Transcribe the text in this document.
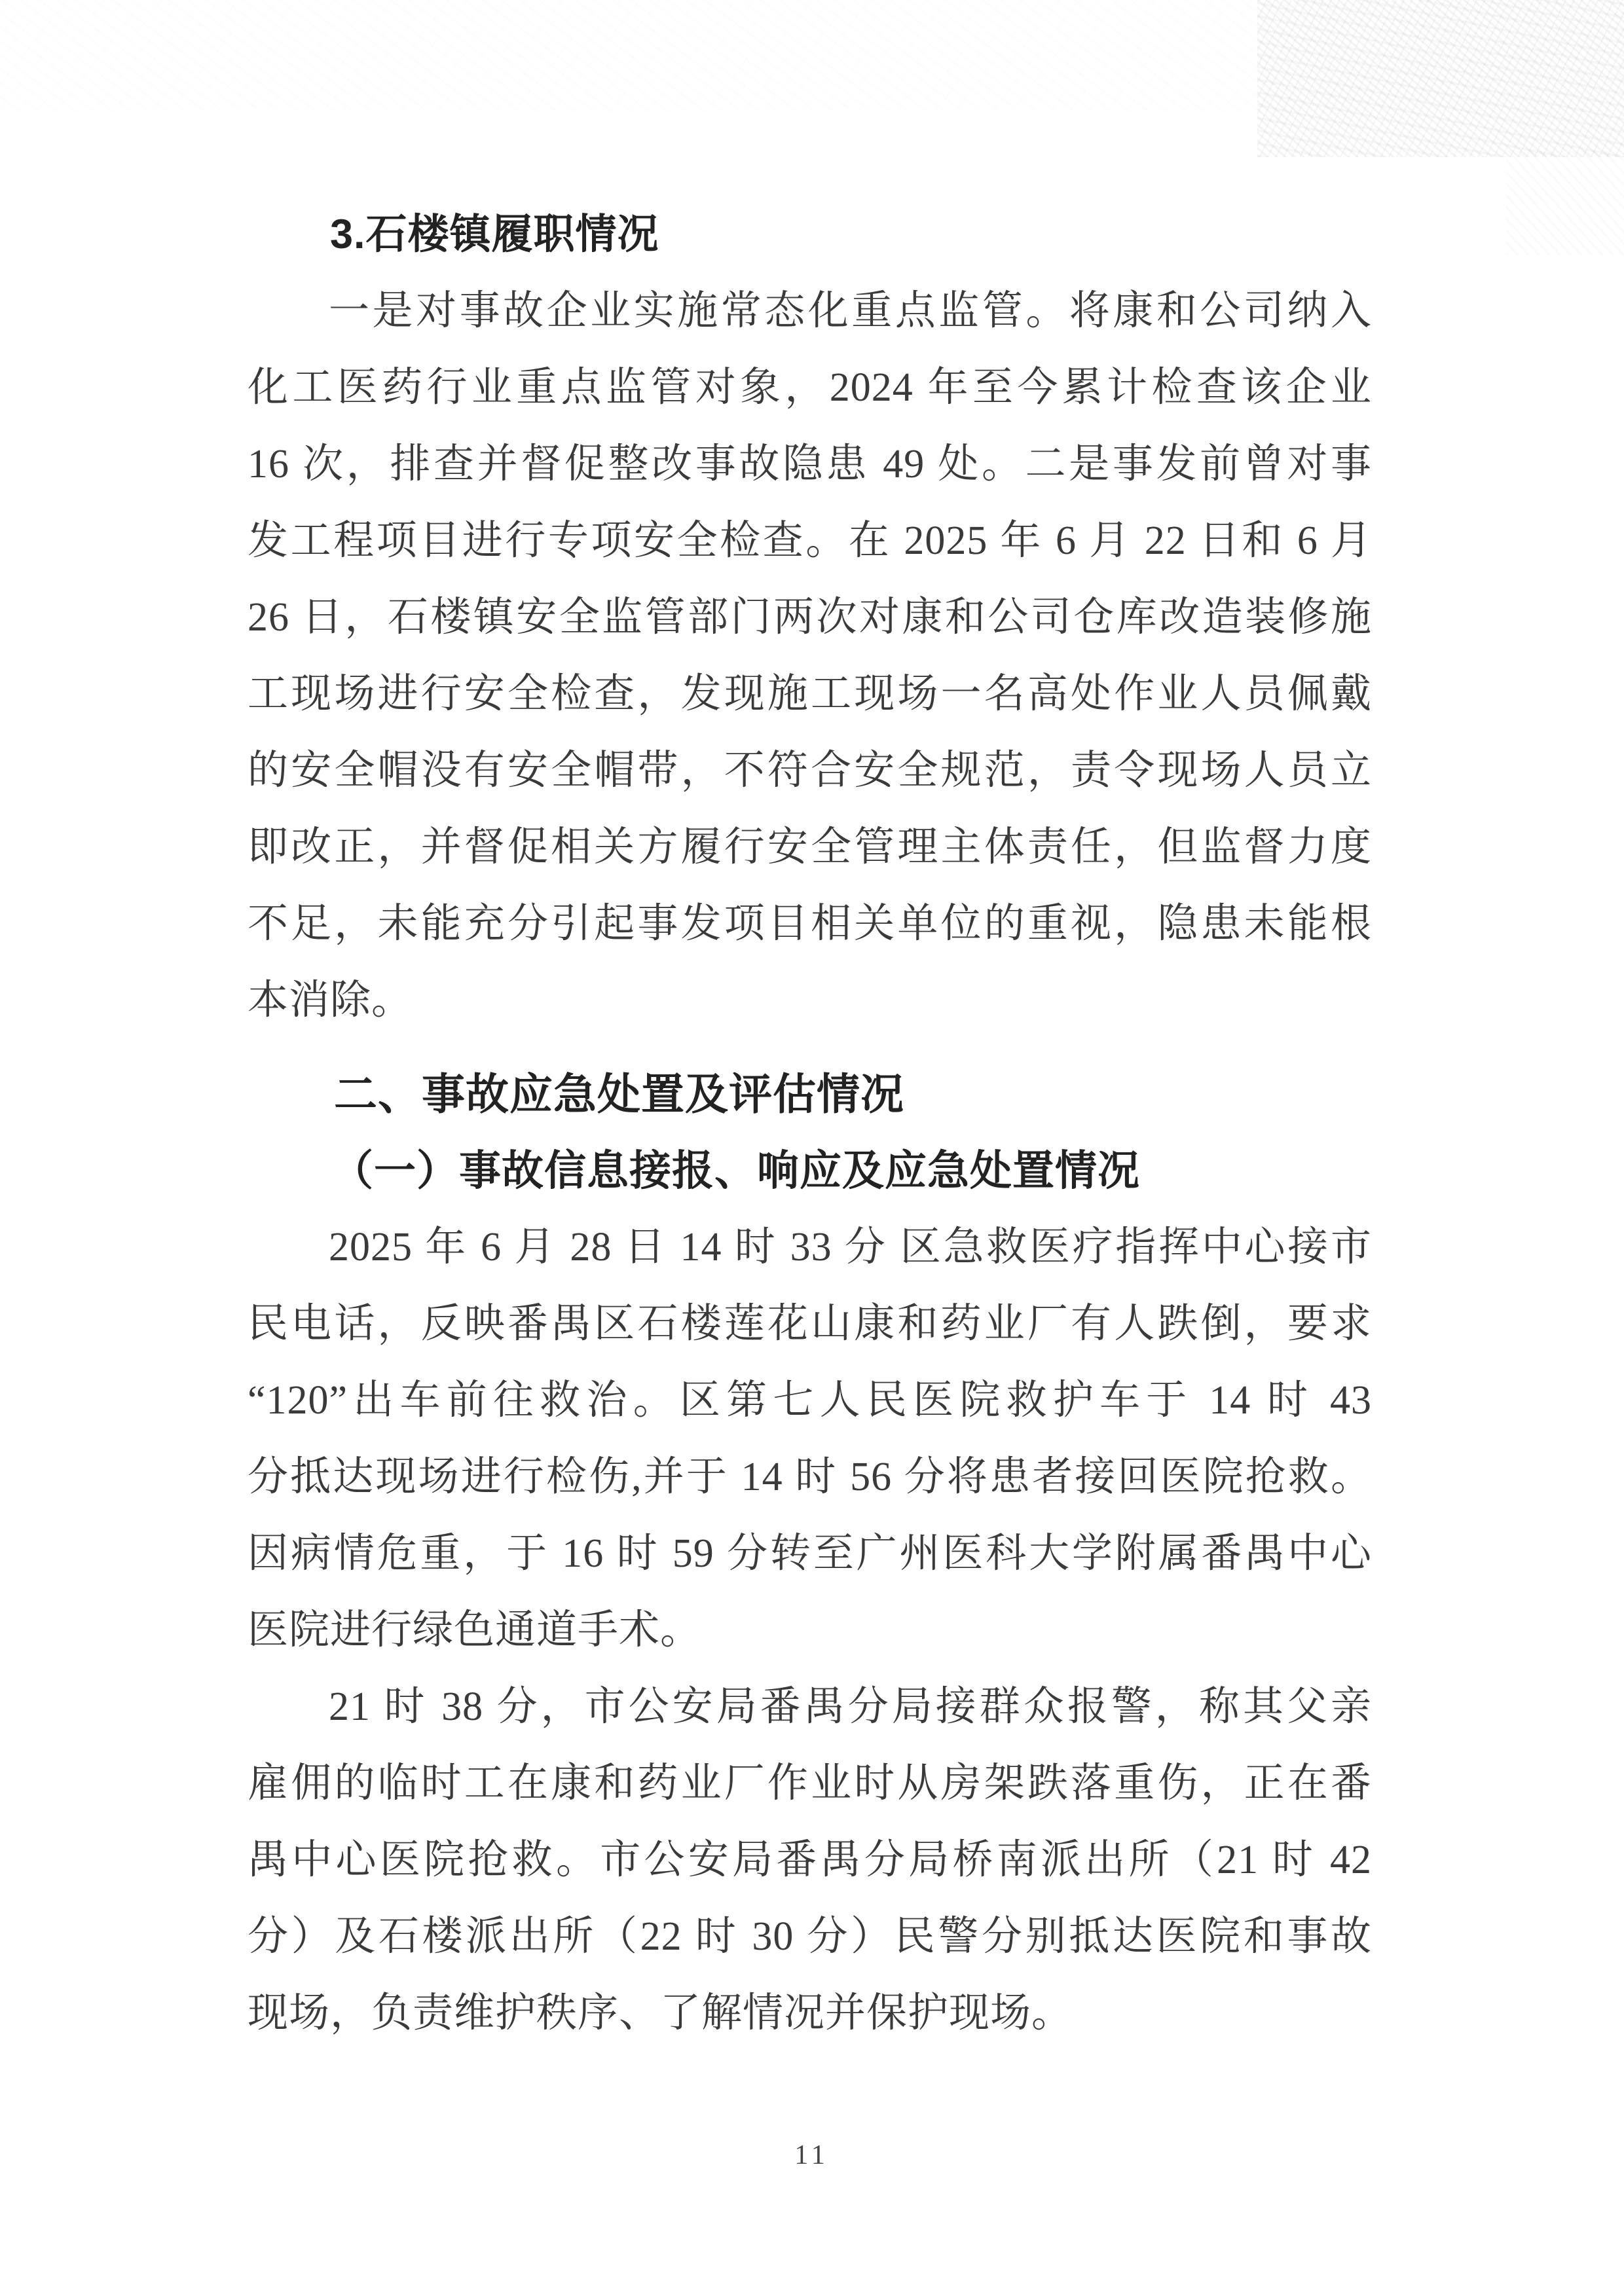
3.石楼镇履职情况
一是对事故企业实施常态化重点监管。将康和公司纳入
化工医药行业重点监管对象，2024 年至今累计检查该企业
16 次，排查并督促整改事故隐患 49 处。二是事发前曾对事
发工程项目进行专项安全检查。在 2025 年 6 月 22 日和 6 月
26 日，石楼镇安全监管部门两次对康和公司仓库改造装修施
工现场进行安全检查，发现施工现场一名高处作业人员佩戴
的安全帽没有安全帽带，不符合安全规范，责令现场人员立
即改正，并督促相关方履行安全管理主体责任，但监督力度
不足，未能充分引起事发项目相关单位的重视，隐患未能根
本消除。
二、事故应急处置及评估情况
（一）事故信息接报、响应及应急处置情况
2025 年 6 月 28 日 14 时 33 分 区急救医疗指挥中心接市
民电话，反映番禺区石楼莲花山康和药业厂有人跌倒，要求
“120”出车前往救治。区第七人民医院救护车于 14 时 43
分抵达现场进行检伤,并于 14 时 56 分将患者接回医院抢救。
因病情危重，于 16 时 59 分转至广州医科大学附属番禺中心
医院进行绿色通道手术。
21 时 38 分，市公安局番禺分局接群众报警，称其父亲
雇佣的临时工在康和药业厂作业时从房架跌落重伤，正在番
禺中心医院抢救。市公安局番禺分局桥南派出所（21 时 42
分）及石楼派出所（22 时 30 分）民警分别抵达医院和事故
现场，负责维护秩序、了解情况并保护现场。
11
